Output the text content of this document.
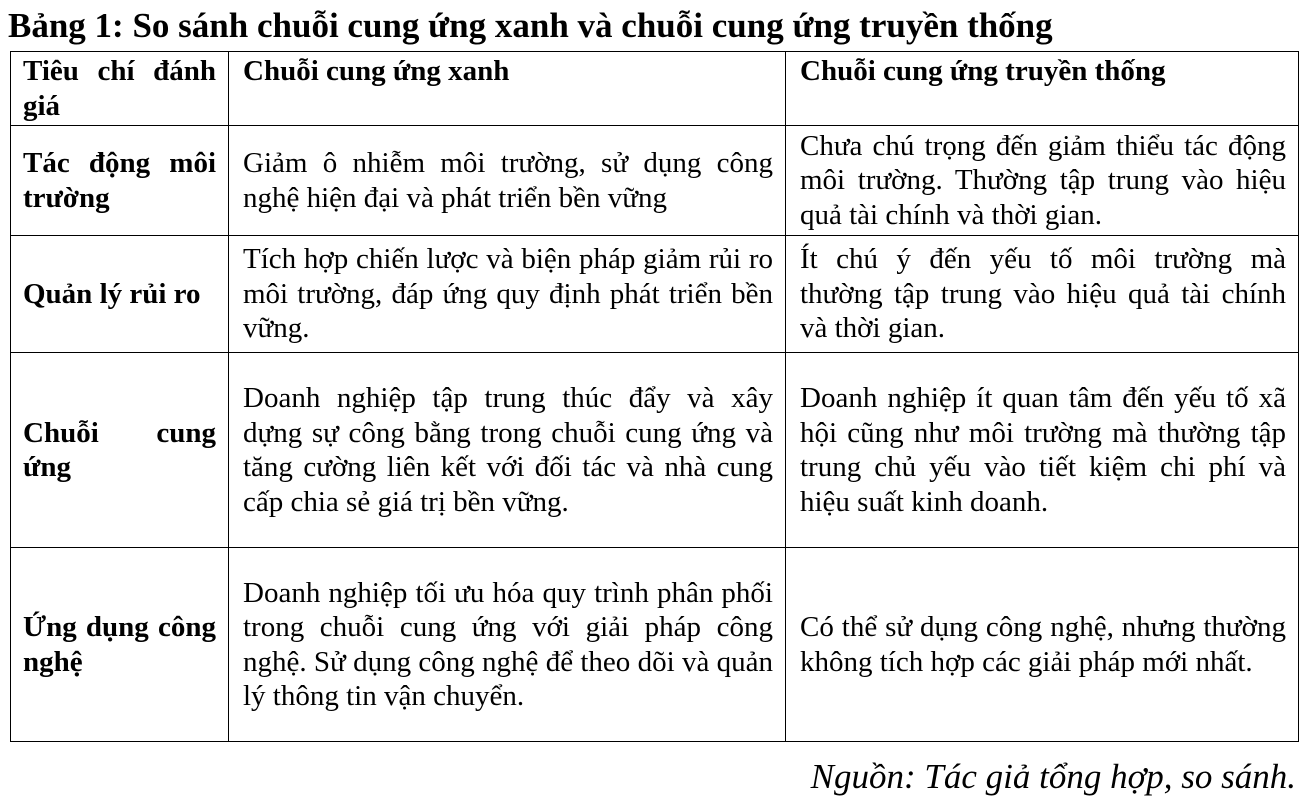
Bảng 1: So sánh chuỗi cung ứng xanh và chuỗi cung ứng truyền thống
Tiêu chí đánh giá	Chuỗi cung ứng xanh	Chuỗi cung ứng truyền thống
Tác động môi trường	Giảm ô nhiễm môi trường, sử dụng công nghệ hiện đại và phát triển bền vững	Chưa chú trọng đến giảm thiểu tác động môi trường. Thường tập trung vào hiệu quả tài chính và thời gian.
Quản lý rủi ro	Tích hợp chiến lược và biện pháp giảm rủi ro môi trường, đáp ứng quy định phát triển bền vững.	Ít chú ý đến yếu tố môi trường mà thường tập trung vào hiệu quả tài chính và thời gian.
Chuỗi cung ứng	Doanh nghiệp tập trung thúc đẩy và xây dựng sự công bằng trong chuỗi cung ứng và tăng cường liên kết với đối tác và nhà cung cấp chia sẻ giá trị bền vững.	Doanh nghiệp ít quan tâm đến yếu tố xã hội cũng như môi trường mà thường tập trung chủ yếu vào tiết kiệm chi phí và hiệu suất kinh doanh.
Ứng dụng công nghệ	Doanh nghiệp tối ưu hóa quy trình phân phối trong chuỗi cung ứng với giải pháp công nghệ. Sử dụng công nghệ để theo dõi và quản lý thông tin vận chuyển.	Có thể sử dụng công nghệ, nhưng thường không tích hợp các giải pháp mới nhất.
Nguồn: Tác giả tổng hợp, so sánh.
